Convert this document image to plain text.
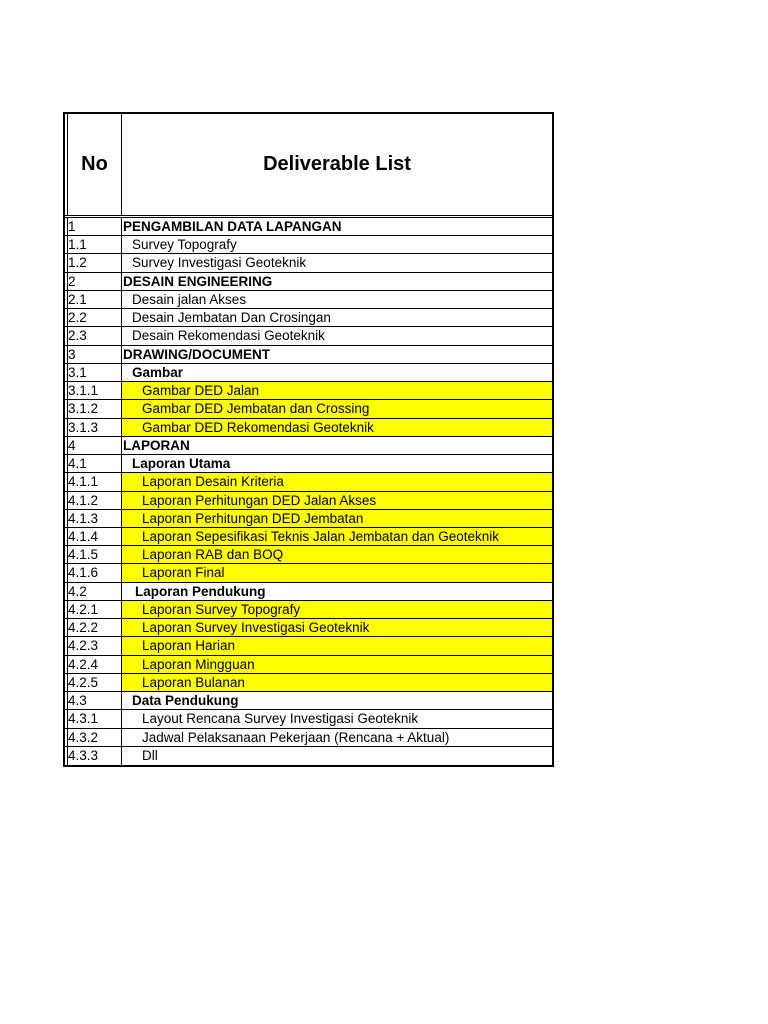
No	Deliverable List
1	PENGAMBILAN DATA LAPANGAN
1.1	Survey Topografy
1.2	Survey Investigasi Geoteknik
2	DESAIN ENGINEERING
2.1	Desain jalan Akses
2.2	Desain Jembatan Dan Crosingan
2.3	Desain Rekomendasi Geoteknik
3	DRAWING/DOCUMENT
3.1	Gambar
3.1.1	Gambar DED Jalan
3.1.2	Gambar DED Jembatan dan Crossing
3.1.3	Gambar DED Rekomendasi Geoteknik
4	LAPORAN
4.1	Laporan Utama
4.1.1	Laporan Desain Kriteria
4.1.2	Laporan Perhitungan DED Jalan Akses
4.1.3	Laporan Perhitungan DED Jembatan
4.1.4	Laporan Sepesifikasi Teknis Jalan Jembatan dan Geoteknik
4.1.5	Laporan RAB dan BOQ
4.1.6	Laporan Final
4.2	Laporan Pendukung
4.2.1	Laporan Survey Topografy
4.2.2	Laporan Survey Investigasi Geoteknik
4.2.3	Laporan Harian
4.2.4	Laporan Mingguan
4.2.5	Laporan Bulanan
4.3	Data Pendukung
4.3.1	Layout Rencana Survey Investigasi Geoteknik
4.3.2	Jadwal Pelaksanaan Pekerjaan (Rencana + Aktual)
4.3.3	Dll
